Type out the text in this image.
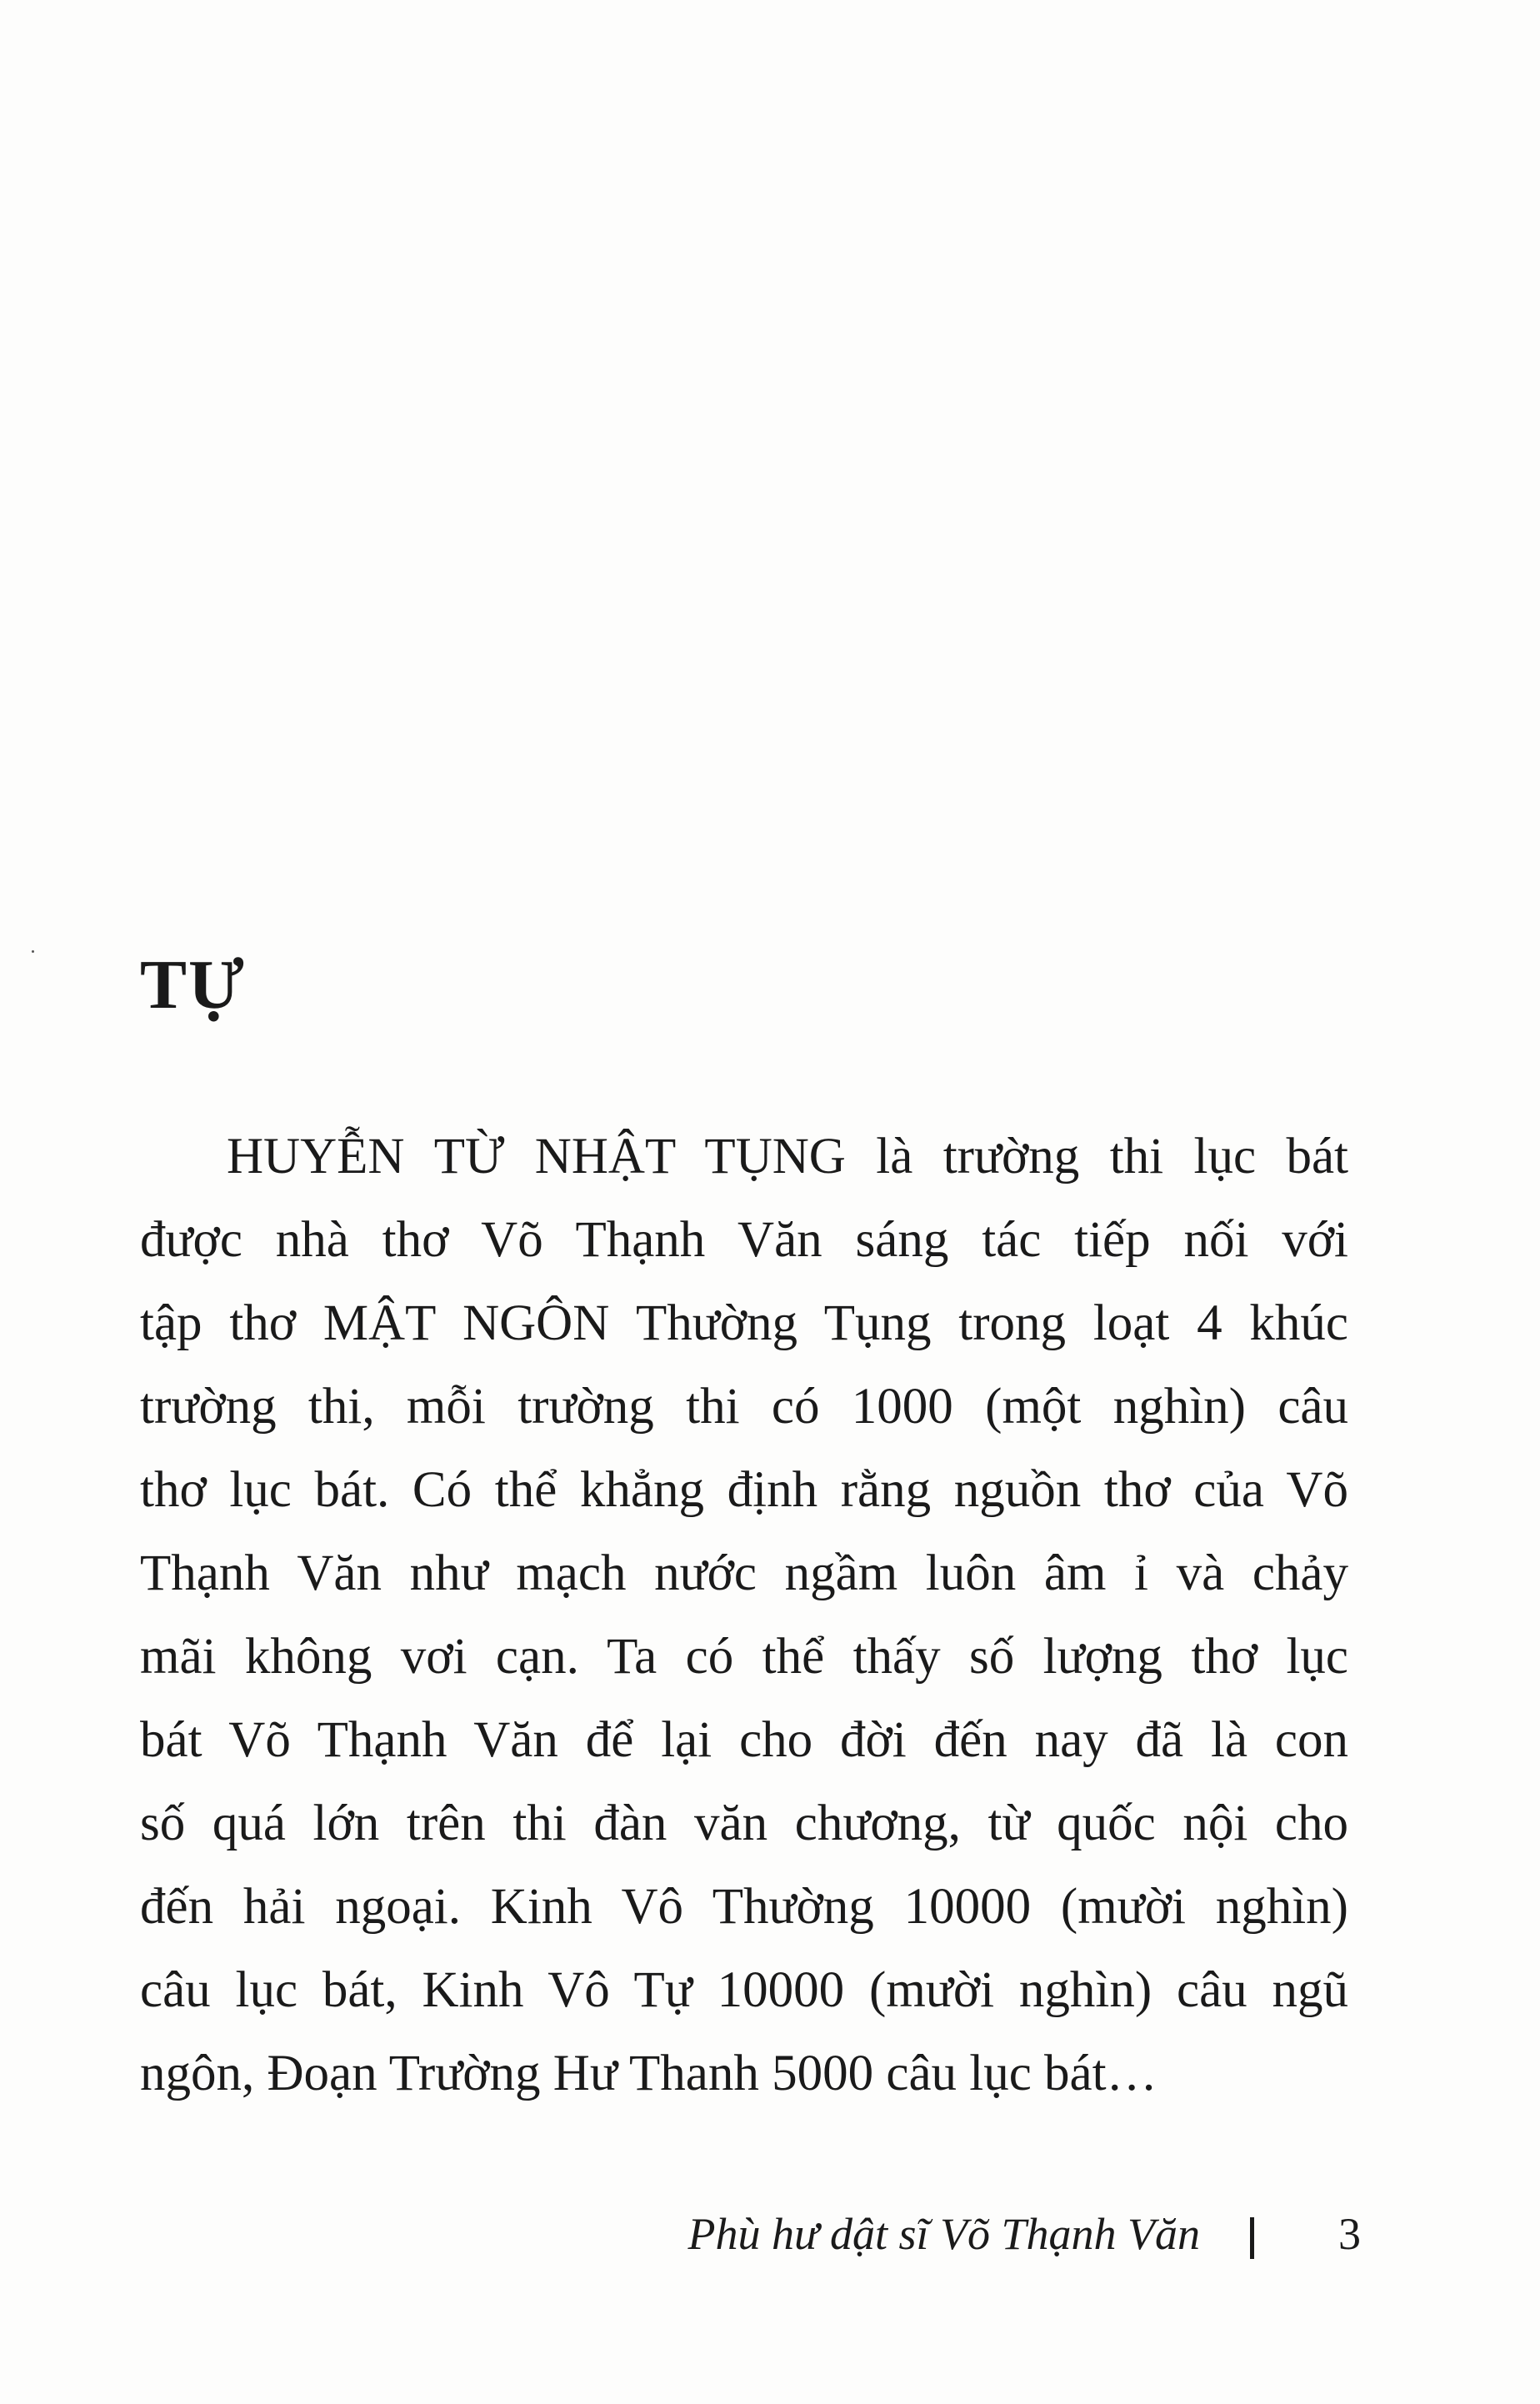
TỰ
HUYỄN TỪ NHẬT TỤNG là trường thi lục bát
được nhà thơ Võ Thạnh Văn sáng tác tiếp nối với
tập thơ MẬT NGÔN Thường Tụng trong loạt 4 khúc
trường thi, mỗi trường thi có 1000 (một nghìn) câu
thơ lục bát. Có thể khẳng định rằng nguồn thơ của Võ
Thạnh Văn như mạch nước ngầm luôn âm ỉ và chảy
mãi không vơi cạn. Ta có thể thấy số lượng thơ lục
bát Võ Thạnh Văn để lại cho đời đến nay đã là con
số quá lớn trên thi đàn văn chương, từ quốc nội cho
đến hải ngoại. Kinh Vô Thường 10000 (mười nghìn)
câu lục bát, Kinh Vô Tự 10000 (mười nghìn) câu ngũ
ngôn, Đoạn Trường Hư Thanh 5000 câu lục bát…
Phù hư dật sĩ Võ Thạnh Văn	3
